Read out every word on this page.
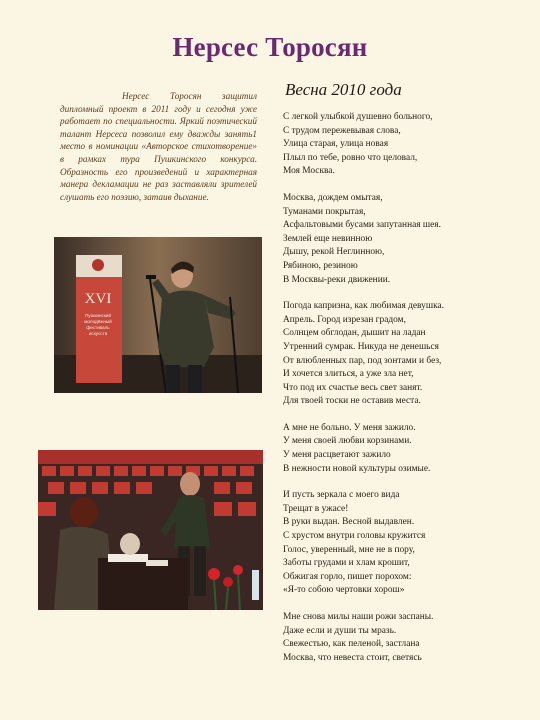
Нерсес Торосян
Нерсес Торосян защитил дипломный проект в 2011 году и сегодня уже работает по специальности. Яркий поэтический талант Нерсеса позволил ему дважды занять1 место в номинации «Авторское стихотворение» в рамках тура Пушкинского конкурса. Образность его произведений и характерная манера декламации не раз заставляли зрителей слушать его поэзию, затаив дыхание.
XVI
Пушкинский
молодёжный
фестиваль
искусств
Весна 2010 года
С легкой улыбкой душевно больного,
С трудом пережевывая слова,
Улица старая, улица новая
Плыл по тебе, ровно что целовал,
Моя Москва.
Москва, дождем омытая,
Туманами покрытая,
Асфальтовыми бусами запутанная шея.
Землей еще невинною
Дышу, рекой Неглинною,
Рябиною, резиною
В Москвы-реки движении.
Погода капризна, как любимая девушка.
Апрель. Город изрезан градом,
Солнцем обглодан, дышит на ладан
Утренний сумрак. Никуда не денешься
От влюбленных пар, под зонтами и без,
И хочется злиться, а уже зла нет,
Что под их счастье весь свет занят.
Для твоей тоски не оставив места.
А мне не больно. У меня зажило.
У меня своей любви корзинами.
У меня расцветают зажило
В нежности новой культуры озимые.
И пусть зеркала с моего вида
Трещат в ужасе!
В руки выдан. Весной выдавлен.
С хрустом внутри головы кружится
Голос, уверенный, мне не в пору,
Заботы грудами и хлам крошит,
Обжигая горло, пишет порохом:
«Я-то собою чертовки хорош»
Мне снова милы наши рожи заспаны.
Даже если и души ты мразь.
Свежестью, как пеленой, застлана
Москва, что невеста стоит, светясь
